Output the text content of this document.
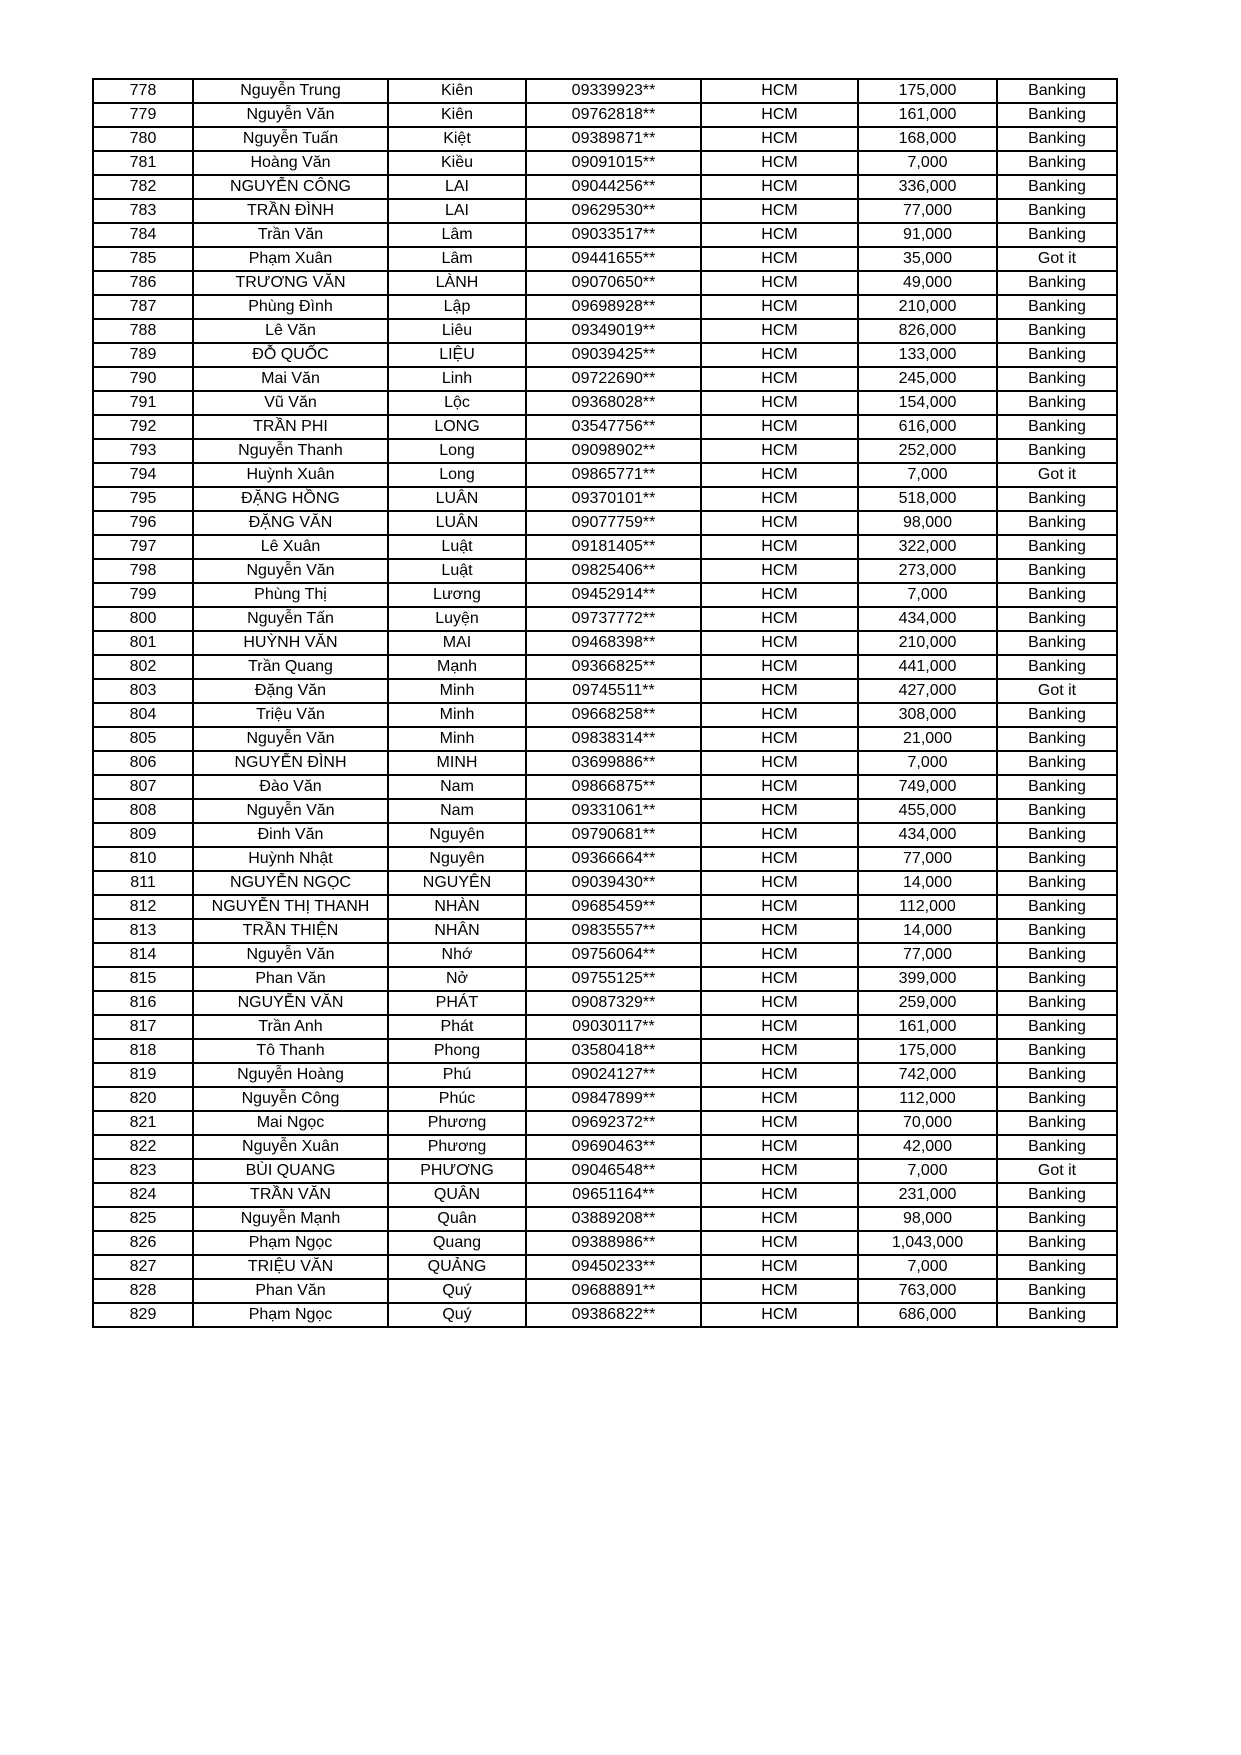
778	Nguyễn Trung	Kiên	09339923**	HCM	175,000	Banking
779	Nguyễn Văn	Kiên	09762818**	HCM	161,000	Banking
780	Nguyễn Tuấn	Kiệt	09389871**	HCM	168,000	Banking
781	Hoàng Văn	Kiều	09091015**	HCM	7,000	Banking
782	NGUYỄN CÔNG	LAI	09044256**	HCM	336,000	Banking
783	TRẦN ĐÌNH	LAI	09629530**	HCM	77,000	Banking
784	Trần Văn	Lâm	09033517**	HCM	91,000	Banking
785	Phạm Xuân	Lâm	09441655**	HCM	35,000	Got it
786	TRƯƠNG VĂN	LÀNH	09070650**	HCM	49,000	Banking
787	Phùng Đình	Lập	09698928**	HCM	210,000	Banking
788	Lê Văn	Liêu	09349019**	HCM	826,000	Banking
789	ĐỖ QUỐC	LIỆU	09039425**	HCM	133,000	Banking
790	Mai Văn	Linh	09722690**	HCM	245,000	Banking
791	Vũ Văn	Lộc	09368028**	HCM	154,000	Banking
792	TRẦN PHI	LONG	03547756**	HCM	616,000	Banking
793	Nguyễn Thanh	Long	09098902**	HCM	252,000	Banking
794	Huỳnh Xuân	Long	09865771**	HCM	7,000	Got it
795	ĐẶNG HỒNG	LUÂN	09370101**	HCM	518,000	Banking
796	ĐẶNG VĂN	LUÂN	09077759**	HCM	98,000	Banking
797	Lê Xuân	Luật	09181405**	HCM	322,000	Banking
798	Nguyễn Văn	Luật	09825406**	HCM	273,000	Banking
799	Phùng Thị	Lương	09452914**	HCM	7,000	Banking
800	Nguyễn Tấn	Luyện	09737772**	HCM	434,000	Banking
801	HUỲNH VĂN	MAI	09468398**	HCM	210,000	Banking
802	Trần Quang	Mạnh	09366825**	HCM	441,000	Banking
803	Đặng Văn	Minh	09745511**	HCM	427,000	Got it
804	Triệu Văn	Minh	09668258**	HCM	308,000	Banking
805	Nguyễn Văn	Minh	09838314**	HCM	21,000	Banking
806	NGUYỄN ĐÌNH	MINH	03699886**	HCM	7,000	Banking
807	Đào Văn	Nam	09866875**	HCM	749,000	Banking
808	Nguyễn Văn	Nam	09331061**	HCM	455,000	Banking
809	Đinh Văn	Nguyên	09790681**	HCM	434,000	Banking
810	Huỳnh Nhật	Nguyên	09366664**	HCM	77,000	Banking
811	NGUYỄN NGỌC	NGUYÊN	09039430**	HCM	14,000	Banking
812	NGUYỄN THỊ THANH	NHÀN	09685459**	HCM	112,000	Banking
813	TRẦN THIỆN	NHÂN	09835557**	HCM	14,000	Banking
814	Nguyễn Văn	Nhớ	09756064**	HCM	77,000	Banking
815	Phan Văn	Nở	09755125**	HCM	399,000	Banking
816	NGUYỄN VĂN	PHÁT	09087329**	HCM	259,000	Banking
817	Trần Anh	Phát	09030117**	HCM	161,000	Banking
818	Tô Thanh	Phong	03580418**	HCM	175,000	Banking
819	Nguyễn Hoàng	Phú	09024127**	HCM	742,000	Banking
820	Nguyễn Công	Phúc	09847899**	HCM	112,000	Banking
821	Mai Ngọc	Phương	09692372**	HCM	70,000	Banking
822	Nguyễn Xuân	Phương	09690463**	HCM	42,000	Banking
823	BÙI QUANG	PHƯƠNG	09046548**	HCM	7,000	Got it
824	TRẦN VĂN	QUÂN	09651164**	HCM	231,000	Banking
825	Nguyễn Mạnh	Quân	03889208**	HCM	98,000	Banking
826	Phạm Ngọc	Quang	09388986**	HCM	1,043,000	Banking
827	TRIỆU VĂN	QUẢNG	09450233**	HCM	7,000	Banking
828	Phan Văn	Quý	09688891**	HCM	763,000	Banking
829	Phạm Ngọc	Quý	09386822**	HCM	686,000	Banking
